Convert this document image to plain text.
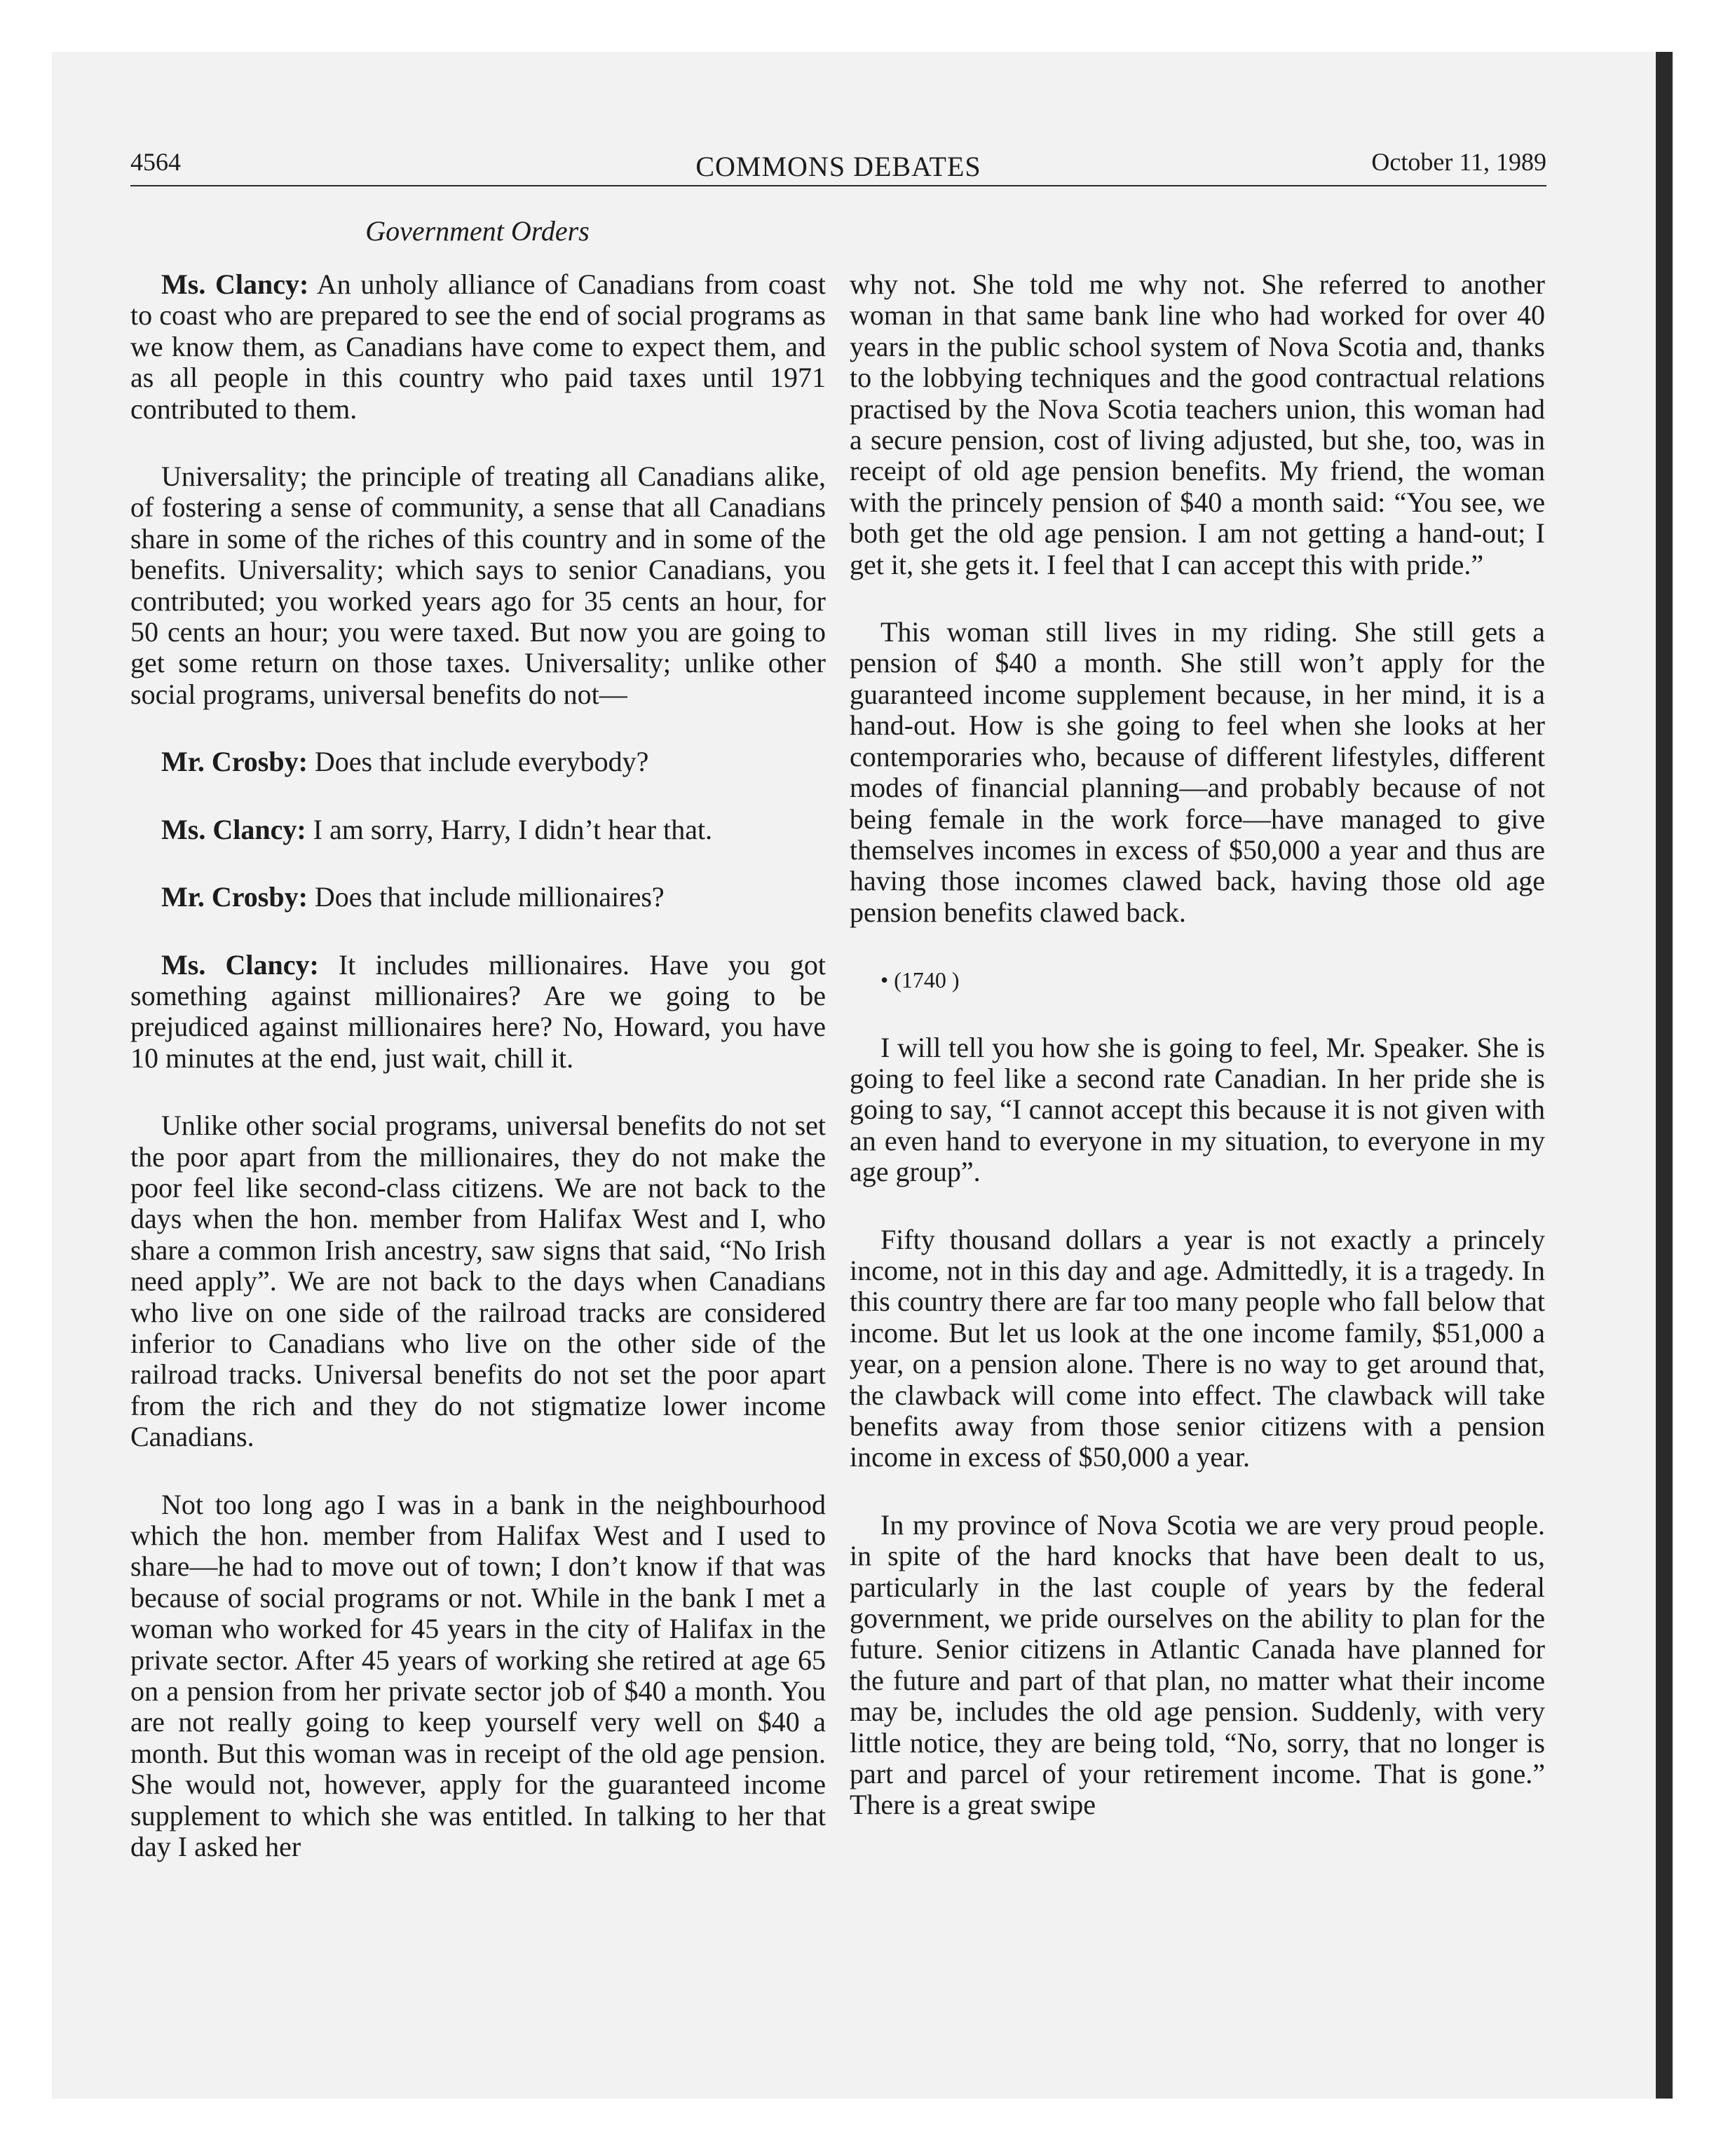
4564	COMMONS DEBATES	October 11, 1989
Government Orders

Ms. Clancy: An unholy alliance of Canadians from coast to coast who are prepared to see the end of social programs as we know them, as Canadians have come to expect them, and as all people in this country who paid taxes until 1971 contributed to them.

Universality; the principle of treating all Canadians alike, of fostering a sense of community, a sense that all Canadians share in some of the riches of this country and in some of the benefits. Universality; which says to senior Canadians, you contributed; you worked years ago for 35 cents an hour, for 50 cents an hour; you were taxed. But now you are going to get some return on those taxes. Universality; unlike other social programs, universal benefits do not—

Mr. Crosby: Does that include everybody?

Ms. Clancy: I am sorry, Harry, I didn’t hear that.

Mr. Crosby: Does that include millionaires?

Ms. Clancy: It includes millionaires. Have you got something against millionaires? Are we going to be prejudiced against millionaires here? No, Howard, you have 10 minutes at the end, just wait, chill it.

Unlike other social programs, universal benefits do not set the poor apart from the millionaires, they do not make the poor feel like second-class citizens. We are not back to the days when the hon. member from Halifax West and I, who share a common Irish ancestry, saw signs that said, “No Irish need apply”. We are not back to the days when Canadians who live on one side of the railroad tracks are considered inferior to Canadians who live on the other side of the railroad tracks. Universal benefits do not set the poor apart from the rich and they do not stigmatize lower income Canadians.

Not too long ago I was in a bank in the neighbourhood which the hon. member from Halifax West and I used to share—he had to move out of town; I don’t know if that was because of social programs or not. While in the bank I met a woman who worked for 45 years in the city of Halifax in the private sector. After 45 years of working she retired at age 65 on a pension from her private sector job of $40 a month. You are not really going to keep yourself very well on $40 a month. But this woman was in receipt of the old age pension. She would not, however, apply for the guaranteed income supplement to which she was entitled. In talking to her that day I asked her

why not. She told me why not. She referred to another woman in that same bank line who had worked for over 40 years in the public school system of Nova Scotia and, thanks to the lobbying techniques and the good contractual relations practised by the Nova Scotia teachers union, this woman had a secure pension, cost of living adjusted, but she, too, was in receipt of old age pension benefits. My friend, the woman with the princely pension of $40 a month said: “You see, we both get the old age pension. I am not getting a hand-out; I get it, she gets it. I feel that I can accept this with pride.”

This woman still lives in my riding. She still gets a pension of $40 a month. She still won’t apply for the guaranteed income supplement because, in her mind, it is a hand-out. How is she going to feel when she looks at her contemporaries who, because of different lifestyles, different modes of financial planning—and probably because of not being female in the work force—have managed to give themselves incomes in excess of $50,000 a year and thus are having those incomes clawed back, having those old age pension benefits clawed back.

• (1740 )

I will tell you how she is going to feel, Mr. Speaker. She is going to feel like a second rate Canadian. In her pride she is going to say, “I cannot accept this because it is not given with an even hand to everyone in my situation, to everyone in my age group”.

Fifty thousand dollars a year is not exactly a princely income, not in this day and age. Admittedly, it is a tragedy. In this country there are far too many people who fall below that income. But let us look at the one income family, $51,000 a year, on a pension alone. There is no way to get around that, the clawback will come into effect. The clawback will take benefits away from those senior citizens with a pension income in excess of $50,000 a year.

In my province of Nova Scotia we are very proud people. in spite of the hard knocks that have been dealt to us, particularly in the last couple of years by the federal government, we pride ourselves on the ability to plan for the future. Senior citizens in Atlantic Canada have planned for the future and part of that plan, no matter what their income may be, includes the old age pension. Suddenly, with very little notice, they are being told, “No, sorry, that no longer is part and parcel of your retirement income. That is gone.” There is a great swipe
